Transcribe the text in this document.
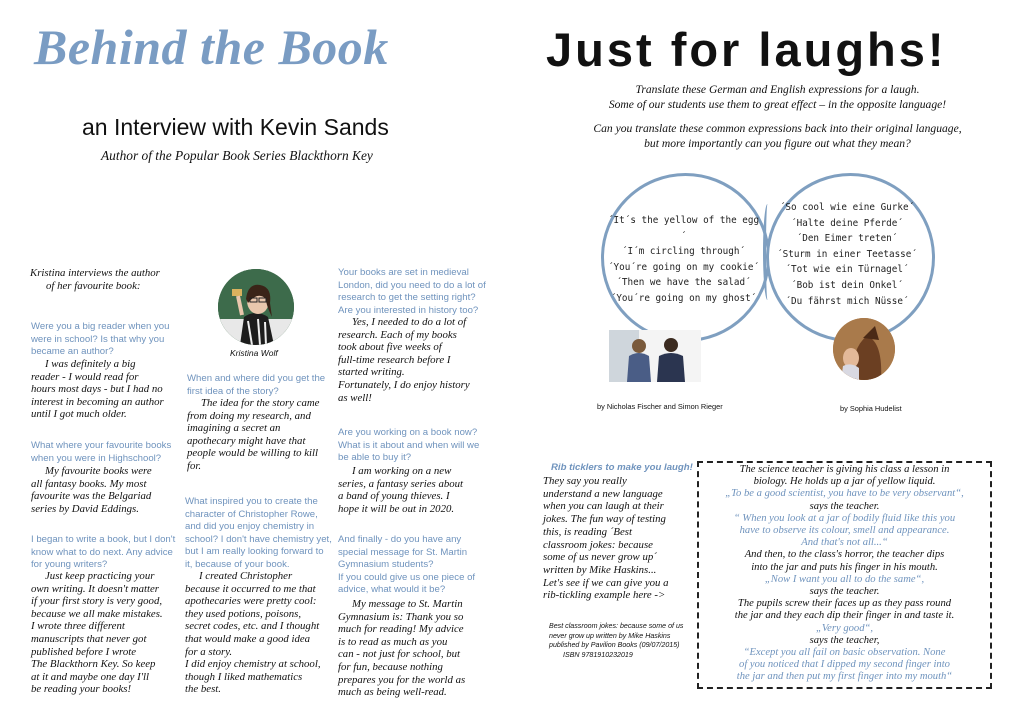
Behind the Book
an Interview with Kevin Sands
Author of the Popular Book Series Blackthorn Key

Kristina interviews the author

of her favourite book:

Were you a big reader when you
were in school? Is that why you
became an author?

I was definitely a big

reader - I would read for

hours most days - but I had no

interest in becoming an author

until I got much older.

What where your favourite books
when you were in Highschool?

My favourite books were

all fantasy books. My most

favourite was the Belgariad

series by David Eddings.

I began to write a book, but I don't
know what to do next. Any advice
for young writers?

Just keep practicing your

own writing. It doesn't matter

if your first story is very good,

because we all make mistakes.

I wrote three different

manuscripts that never got

published before I wrote

The Blackthorn Key. So keep

at it and maybe one day I'll

be reading your books!

Kristina Wolf
When and where did you get the
first idea of the story?

The idea for the story came

from doing my research, and

imagining a secret an

apothecary might have that

people would be willing to kill

for.

What inspired you to create the
character of Christopher Rowe,
and did you enjoy chemistry in
school? I don't have chemistry yet,
but I am really looking forward to
it, because of your book.

I created Christopher

because it occurred to me that

apothecaries were pretty cool:

they used potions, poisons,

secret codes, etc. and I thought

that would make a good idea

for a story.

I did enjoy chemistry at school,

though I liked mathematics

the best.

Your books are set in medieval
London, did you need to do a lot of
research to get the setting right?
Are you interested in history too?

Yes, I needed to do a lot of

research. Each of my books

took about five weeks of

full-time research before I

started writing.

Fortunately, I do enjoy history

as well!

Are you working on a book now?
What is it about and when will we
be able to buy it?

I am working on a new

series, a fantasy series about

a band of young thieves. I

hope it will be out in 2020.

And finally - do you have any
special message for St. Martin
Gymnasium students?
If you could give us one piece of
advice, what would it be?

My message to St. Martin

Gymnasium is: Thank you so

much for reading! My advice

is to read as much as you

can - not just for school, but

for fun, because nothing

prepares you for the world as

much as being well-read.

Just for laughs!
Translate these German and English expressions for a laugh.
Some of our students use them to great effect – in the opposite language!
Can you translate these common expressions back into their original language,
but more importantly can you figure out what they mean?
´It´s the yellow of the egg´
´I´m circling through´
´You´re going on my cookie´
´Then we have the salad´
´You´re going on my ghost´
´So cool wie eine Gurke´
´Halte deine Pferde´
´Den Eimer treten´
´Sturm in einer Teetasse´
´Tot wie ein Türnagel´
´Bob ist dein Onkel´
´Du fährst mich Nüsse´
by Nicholas Fischer and Simon Rieger	by Sophia Hudelist
Rib ticklers to make you laugh!

They say you really

understand a new language

when you can laugh at their

jokes. The fun way of testing

this, is reading ´Best

classroom jokes: because

some of us never grow up´

written by Mike Haskins...

Let's see if we can give you a

rib-tickling example here ->

Best classroom jokes: because some of us
never grow up written by Mike Haskins
published by Pavilion Books (09/07/2015)
ISBN 9781910232019
The science teacher is giving his class a lesson in
biology. He holds up a jar of yellow liquid.
„To be a good scientist, you have to be very observant“,
says the teacher.
“ When you look at a jar of bodily fluid like this you
have to observe its colour, smell and appearance.
And that's not all...“
And then, to the class's horror, the teacher dips
into the jar and puts his finger in his mouth.
„Now I want you all to do the same“,
says the teacher.
The pupils screw their faces up as they pass round
the jar and they each dip their finger in and taste it.
„Very good“,
says the teacher,
“Except you all fail on basic observation. None
of you noticed that I dipped my second finger into
the jar and then put my first finger into my mouth“
